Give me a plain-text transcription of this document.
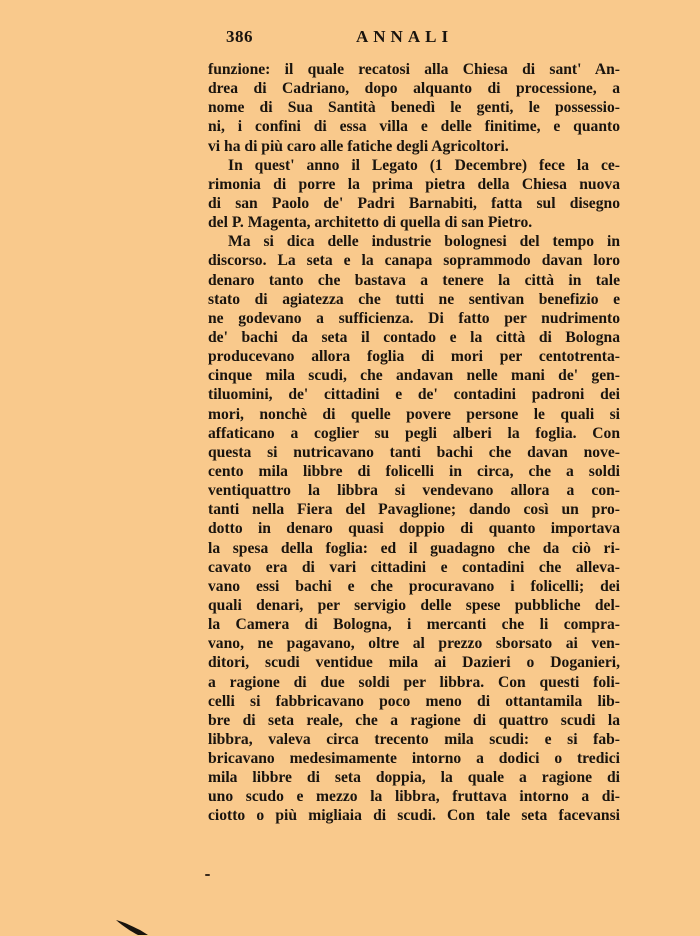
386	ANNALI
funzione: il quale recatosi alla Chiesa di sant' An-
drea di Cadriano, dopo alquanto di processione, a
nome di Sua Santità benedì le genti, le possessio-
ni, i confini di essa villa e delle finitime, e quanto
vi ha di più caro alle fatiche degli Agricoltori.
In quest' anno il Legato (1 Decembre) fece la ce-
rimonia di porre la prima pietra della Chiesa nuova
di san Paolo de' Padri Barnabiti, fatta sul disegno
del P. Magenta, architetto di quella di san Pietro.
Ma si dica delle industrie bolognesi del tempo in
discorso. La seta e la canapa soprammodo davan loro
denaro tanto che bastava a tenere la città in tale
stato di agiatezza che tutti ne sentivan benefizio e
ne godevano a sufficienza. Di fatto per nudrimento
de' bachi da seta il contado e la città di Bologna
producevano allora foglia di mori per centotrenta-
cinque mila scudi, che andavan nelle mani de' gen-
tiluomini, de' cittadini e de' contadini padroni dei
mori, nonchè di quelle povere persone le quali si
affaticano a coglier su pegli alberi la foglia. Con
questa si nutricavano tanti bachi che davan nove-
cento mila libbre di folicelli in circa, che a soldi
ventiquattro la libbra si vendevano allora a con-
tanti nella Fiera del Pavaglione; dando così un pro-
dotto in denaro quasi doppio di quanto importava
la spesa della foglia: ed il guadagno che da ciò ri-
cavato era di vari cittadini e contadini che alleva-
vano essi bachi e che procuravano i folicelli; dei
quali denari, per servigio delle spese pubbliche del-
la Camera di Bologna, i mercanti che li compra-
vano, ne pagavano, oltre al prezzo sborsato ai ven-
ditori, scudi ventidue mila ai Dazieri o Doganieri,
a ragione di due soldi per libbra. Con questi foli-
celli si fabbricavano poco meno di ottantamila lib-
bre di seta reale, che a ragione di quattro scudi la
libbra, valeva circa trecento mila scudi: e si fab-
bricavano medesimamente intorno a dodici o tredici
mila libbre di seta doppia, la quale a ragione di
uno scudo e mezzo la libbra, fruttava intorno a di-
ciotto o più migliaia di scudi. Con tale seta facevansi
